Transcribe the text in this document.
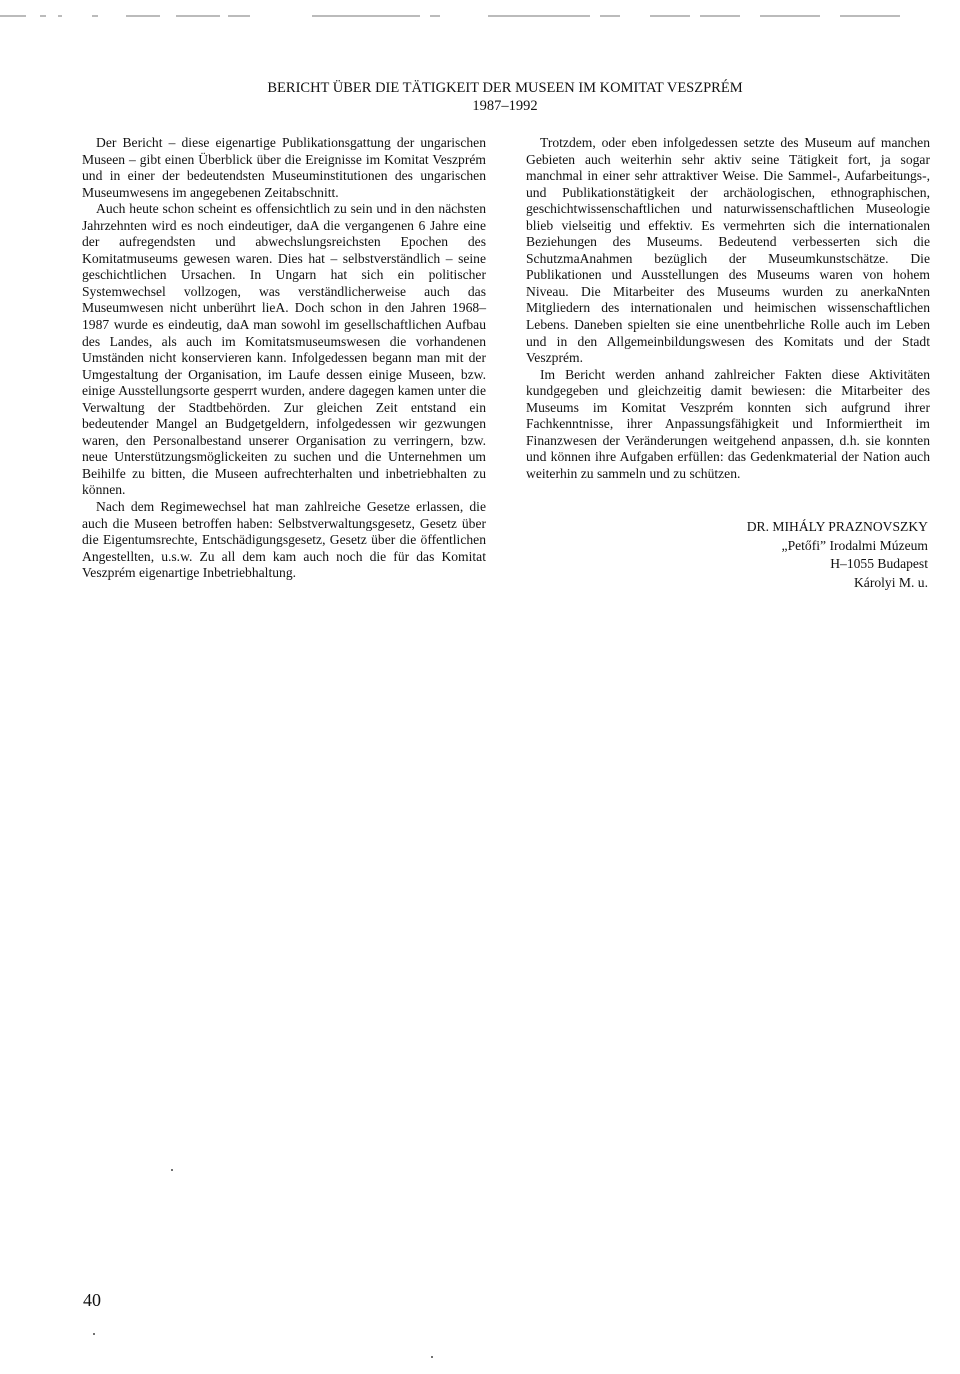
BERICHT ÜBER DIE TÄTIGKEIT DER MUSEEN IM KOMITAT VESZPRÉM
1987–1992

Der Bericht – diese eigenartige Publikationsgattung der ungarischen Museen – gibt einen Überblick über die Ereignisse im Komitat Veszprém und in einer der bedeutendsten Museuminstitutionen des ungarischen Museumwesens im angegebenen Zeitabschnitt.

Auch heute schon scheint es offensichtlich zu sein und in den nächsten Jahrzehnten wird es noch eindeutiger, daA die vergangenen 6 Jahre eine der aufregendsten und abwechslungsreichsten Epochen des Komitatmuseums gewesen waren. Dies hat – selbstverständlich – seine geschichtlichen Ursachen. In Ungarn hat sich ein politischer Systemwechsel vollzogen, was verständlicherweise auch das Museumwesen nicht unberührt lieA. Doch schon in den Jahren 1968–1987 wurde es eindeutig, daA man sowohl im gesellschaftlichen Aufbau des Landes, als auch im Komitatsmuseumswesen die vorhandenen Umständen nicht konservieren kann. Infolgedessen begann man mit der Umgestaltung der Organisation, im Laufe dessen einige Museen, bzw. einige Ausstellungsorte gesperrt wurden, andere dagegen kamen unter die Verwaltung der Stadtbehörden. Zur gleichen Zeit entstand ein bedeutender Mangel an Budgetgeldern, infolgedessen wir gezwungen waren, den Personalbestand unserer Organisation zu verringern, bzw. neue Unterstützungsmöglickeiten zu suchen und die Unternehmen um Beihilfe zu bitten, die Museen aufrechterhalten und inbetriebhalten zu können.

Nach dem Regimewechsel hat man zahlreiche Gesetze erlassen, die auch die Museen betroffen haben: Selbstverwaltungsgesetz, Gesetz über die Eigentumsrechte, Entschädigungsgesetz, Gesetz über die öffentlichen Angestellten, u.s.w. Zu all dem kam auch noch die für das Komitat Veszprém eigenartige Inbetriebhaltung.

Trotzdem, oder eben infolgedessen setzte des Museum auf manchen Gebieten auch weiterhin sehr aktiv seine Tätigkeit fort, ja sogar manchmal in einer sehr attraktiver Weise. Die Sammel-, Aufarbeitungs-, und Publikationstätigkeit der archäologischen, ethnographischen, geschichtwissenschaftlichen und naturwissenschaftlichen Museologie blieb vielseitig und effektiv. Es vermehrten sich die internationalen Beziehungen des Museums. Bedeutend verbesserten sich die SchutzmaAnahmen bezüglich der Museumkunstschätze. Die Publikationen und Ausstellungen des Museums waren von hohem Niveau. Die Mitarbeiter des Museums wurden zu anerkaNnten Mitgliedern des internationalen und heimischen wissenschaftlichen Lebens. Daneben spielten sie eine unentbehrliche Rolle auch im Leben und in den Allgemeinbildungswesen des Komitats und der Stadt Veszprém.

Im Bericht werden anhand zahlreicher Fakten diese Aktivitäten kundgegeben und gleichzeitig damit bewiesen: die Mitarbeiter des Museums im Komitat Veszprém konnten sich aufgrund ihrer Fachkenntnisse, ihrer Anpassungsfähigkeit und Informiertheit im Finanzwesen der Veränderungen weitgehend anpassen, d.h. sie konnten und können ihre Aufgaben erfüllen: das Gedenkmaterial der Nation auch weiterhin zu sammeln und zu schützen.

DR. MIHÁLY PRAZNOVSZKY
„Petőfi” Irodalmi Múzeum
H–1055 Budapest
Károlyi M. u.
40
